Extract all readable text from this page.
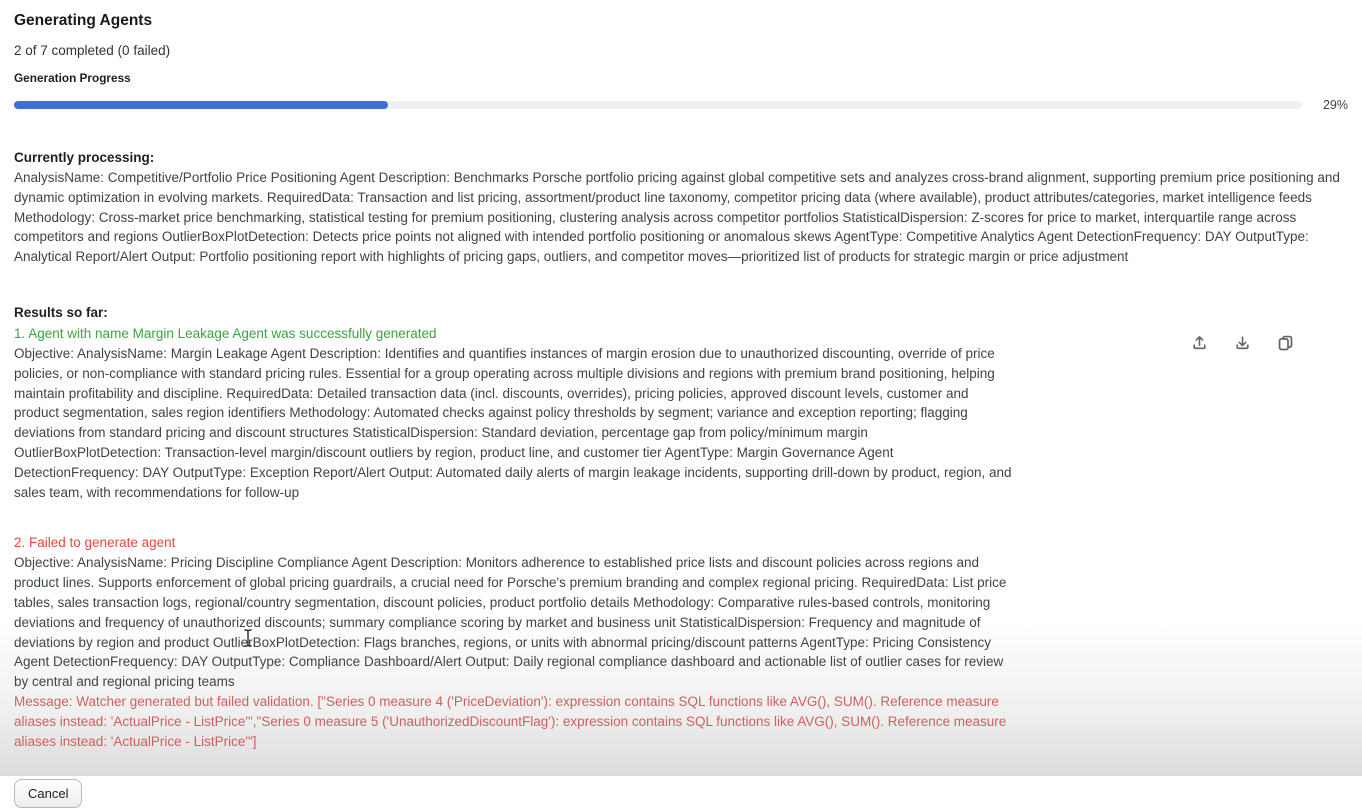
Generating Agents
2 of 7 completed (0 failed)
Generation Progress
29%
Currently processing:
AnalysisName: Competitive/Portfolio Price Positioning Agent Description: Benchmarks Porsche portfolio pricing against global competitive sets and analyzes cross-brand alignment, supporting premium price positioning and dynamic optimization in evolving markets. RequiredData: Transaction and list pricing, assortment/product line taxonomy, competitor pricing data (where available), product attributes/categories, market intelligence feeds Methodology: Cross-market price benchmarking, statistical testing for premium positioning, clustering analysis across competitor portfolios StatisticalDispersion: Z-scores for price to market, interquartile range across competitors and regions OutlierBoxPlotDetection: Detects price points not aligned with intended portfolio positioning or anomalous skews AgentType: Competitive Analytics Agent DetectionFrequency: DAY OutputType: Analytical Report/Alert Output: Portfolio positioning report with highlights of pricing gaps, outliers, and competitor moves—prioritized list of products for strategic margin or price adjustment
Results so far:
1. Agent with name Margin Leakage Agent was successfully generated
Objective: AnalysisName: Margin Leakage Agent Description: Identifies and quantifies instances of margin erosion due to unauthorized discounting, override of price policies, or non-compliance with standard pricing rules. Essential for a group operating across multiple divisions and regions with premium brand positioning, helping maintain profitability and discipline. RequiredData: Detailed transaction data (incl. discounts, overrides), pricing policies, approved discount levels, customer and product segmentation, sales region identifiers Methodology: Automated checks against policy thresholds by segment; variance and exception reporting; flagging deviations from standard pricing and discount structures StatisticalDispersion: Standard deviation, percentage gap from policy/minimum margin OutlierBoxPlotDetection: Transaction-level margin/discount outliers by region, product line, and customer tier AgentType: Margin Governance Agent DetectionFrequency: DAY OutputType: Exception Report/Alert Output: Automated daily alerts of margin leakage incidents, supporting drill-down by product, region, and sales team, with recommendations for follow-up
2. Failed to generate agent
Objective: AnalysisName: Pricing Discipline Compliance Agent Description: Monitors adherence to established price lists and discount policies across regions and product lines. Supports enforcement of global pricing guardrails, a crucial need for Porsche's premium branding and complex regional pricing. RequiredData: List price tables, sales transaction logs, regional/country segmentation, discount policies, product portfolio details Methodology: Comparative rules-based controls, monitoring deviations and frequency of unauthorized discounts; summary compliance scoring by market and business unit StatisticalDispersion: Frequency and magnitude of deviations by region and product OutlierBoxPlotDetection: Flags branches, regions, or units with abnormal pricing/discount patterns AgentType: Pricing Consistency Agent DetectionFrequency: DAY OutputType: Compliance Dashboard/Alert Output: Daily regional compliance dashboard and actionable list of outlier cases for review by central and regional pricing teams
Message: Watcher generated but failed validation. ["Series 0 measure 4 ('PriceDeviation'): expression contains SQL functions like AVG(), SUM(). Reference measure aliases instead: 'ActualPrice - ListPrice'","Series 0 measure 5 ('UnauthorizedDiscountFlag'): expression contains SQL functions like AVG(), SUM(). Reference measure aliases instead: 'ActualPrice - ListPrice'"]
Cancel
